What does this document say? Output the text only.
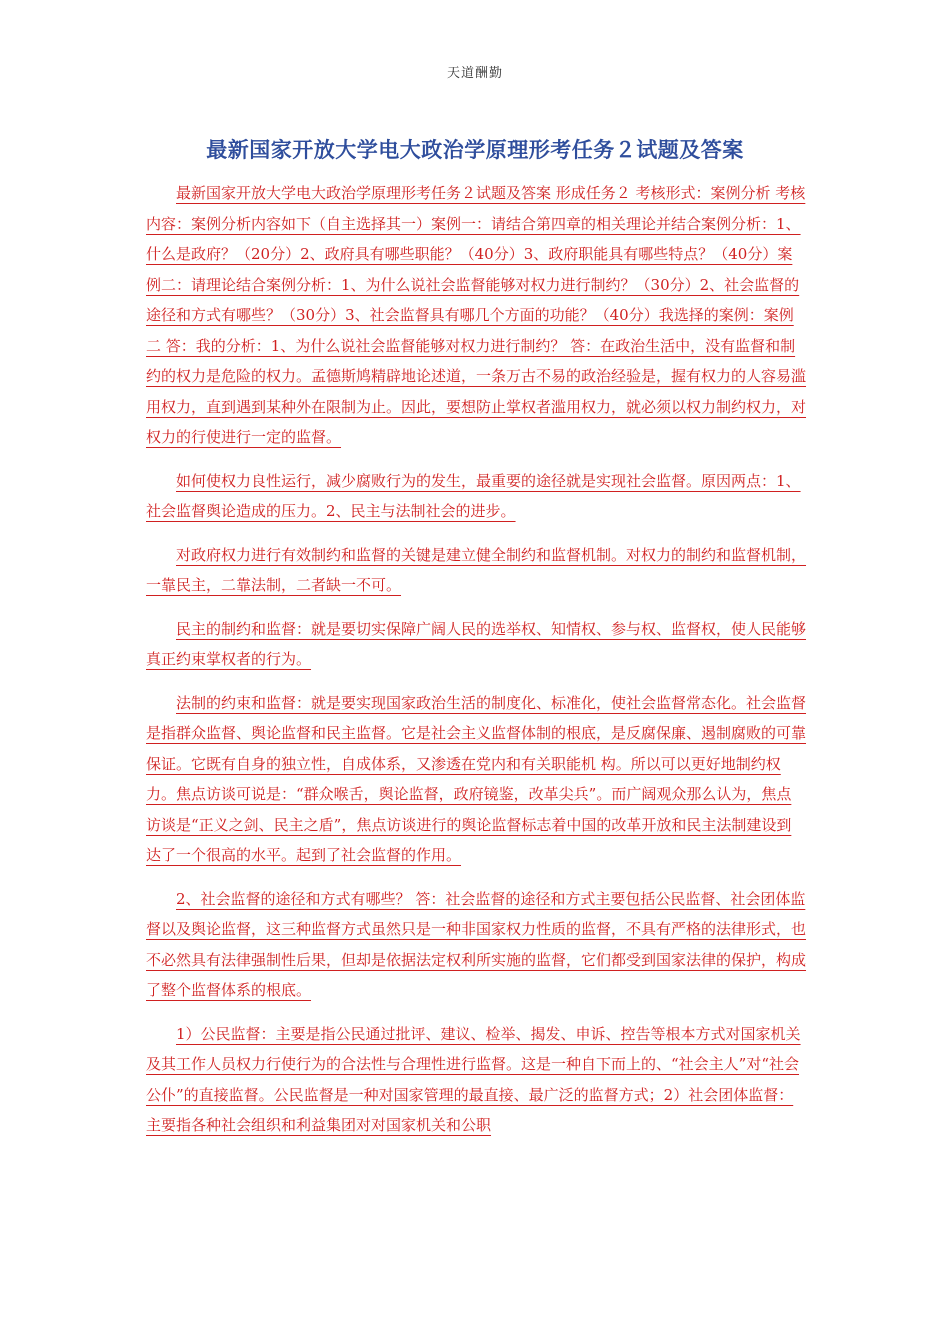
天道酬勤
最新国家开放大学电大政治学原理形考任务２试题及答案

最新国家开放大学电大政治学原理形考任务２试题及答案 形成任务２ 考核形式：案例分析 考核内容：案例分析内容如下（自主选择其一）案例一：请结合第四章的相关理论并结合案例分析：1、什么是政府？（20分）2、政府具有哪些职能？（40分）3、政府职能具有哪些特点？（40分）案例二：请理论结合案例分析：1、为什么说社会监督能够对权力进行制约？（30分）2、社会监督的途径和方式有哪些？（30分）3、社会监督具有哪几个方面的功能？（40分）我选择的案例：案例二 答：我的分析：1、为什么说社会监督能够对权力进行制约？ 答：在政治生活中，没有监督和制约的权力是危险的权力。孟德斯鸠精辟地论述道，一条万古不易的政治经验是，握有权力的人容易滥用权力，直到遇到某种外在限制为止。因此，要想防止掌权者滥用权力，就必须以权力制约权力，对权力的行使进行一定的监督。

如何使权力良性运行，减少腐败行为的发生，最重要的途径就是实现社会监督。原因两点：1、社会监督舆论造成的压力。2、民主与法制社会的进步。

对政府权力进行有效制约和监督的关键是建立健全制约和监督机制。对权力的制约和监督机制，一靠民主，二靠法制，二者缺一不可。

民主的制约和监督：就是要切实保障广阔人民的选举权、知情权、参与权、监督权，使人民能够真正约束掌权者的行为。

法制的约束和监督：就是要实现国家政治生活的制度化、标准化，使社会监督常态化。社会监督是指群众监督、舆论监督和民主监督。它是社会主义监督体制的根底，是反腐保廉、遏制腐败的可靠保证。它既有自身的独立性，自成体系，又渗透在党内和有关职能机 构。所以可以更好地制约权力。焦点访谈可说是：“群众喉舌，舆论监督，政府镜鉴，改革尖兵”。而广阔观众那么认为，焦点访谈是“正义之剑、民主之盾”，焦点访谈进行的舆论监督标志着中国的改革开放和民主法制建设到达了一个很高的水平。起到了社会监督的作用。

2、社会监督的途径和方式有哪些？ 答：社会监督的途径和方式主要包括公民监督、社会团体监督以及舆论监督，这三种监督方式虽然只是一种非国家权力性质的监督，不具有严格的法律形式，也不必然具有法律强制性后果，但却是依据法定权利所实施的监督，它们都受到国家法律的保护，构成了整个监督体系的根底。

1）公民监督：主要是指公民通过批评、建议、检举、揭发、申诉、控告等根本方式对国家机关及其工作人员权力行使行为的合法性与合理性进行监督。这是一种自下而上的、“社会主人”对“社会公仆”的直接监督。公民监督是一种对国家管理的最直接、最广泛的监督方式；2）社会团体监督：主要指各种社会组织和利益集团对对国家机关和公职
